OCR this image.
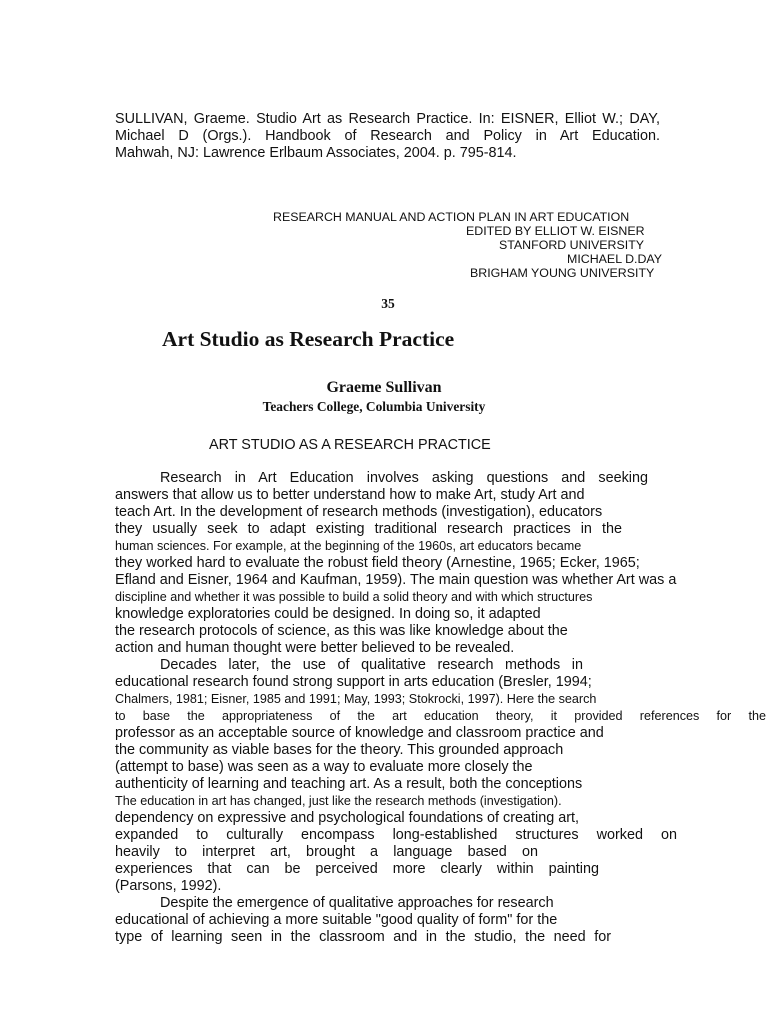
SULLIVAN, Graeme. Studio Art as Research Practice. In: EISNER, Elliot W.; DAY,
Michael D (Orgs.). Handbook of Research and Policy in Art Education.
Mahwah, NJ: Lawrence Erlbaum Associates, 2004. p. 795-814.
RESEARCH MANUAL AND ACTION PLAN IN ART EDUCATION
EDITED BY ELLIOT W. EISNER
STANFORD UNIVERSITY
MICHAEL D.DAY
BRIGHAM YOUNG UNIVERSITY
35
Art Studio as Research Practice
Graeme Sullivan
Teachers College, Columbia University
ART STUDIO AS A RESEARCH PRACTICE
Research in Art Education involves asking questions and seeking
answers that allow us to better understand how to make Art, study Art and
teach Art. In the development of research methods (investigation), educators
they usually seek to adapt existing traditional research practices in the
human sciences. For example, at the beginning of the 1960s, art educators became
they worked hard to evaluate the robust field theory (Arnestine, 1965; Ecker, 1965;
Efland and Eisner, 1964 and Kaufman, 1959). The main question was whether Art was a
discipline and whether it was possible to build a solid theory and with which structures
knowledge exploratories could be designed. In doing so, it adapted
the research protocols of science, as this was like knowledge about the
action and human thought were better believed to be revealed.
Decades later, the use of qualitative research methods in
educational research found strong support in arts education (Bresler, 1994;
Chalmers, 1981; Eisner, 1985 and 1991; May, 1993; Stokrocki, 1997). Here the search
to base the appropriateness of the art education theory, it provided references for the
professor as an acceptable source of knowledge and classroom practice and
the community as viable bases for the theory. This grounded approach
(attempt to base) was seen as a way to evaluate more closely the
authenticity of learning and teaching art. As a result, both the conceptions
The education in art has changed, just like the research methods (investigation).
dependency on expressive and psychological foundations of creating art,
expanded to culturally encompass long-established structures worked on
heavily to interpret art, brought a language based on
experiences that can be perceived more clearly within painting
(Parsons, 1992).
Despite the emergence of qualitative approaches for research
educational of achieving a more suitable "good quality of form" for the
type of learning seen in the classroom and in the studio, the need for
